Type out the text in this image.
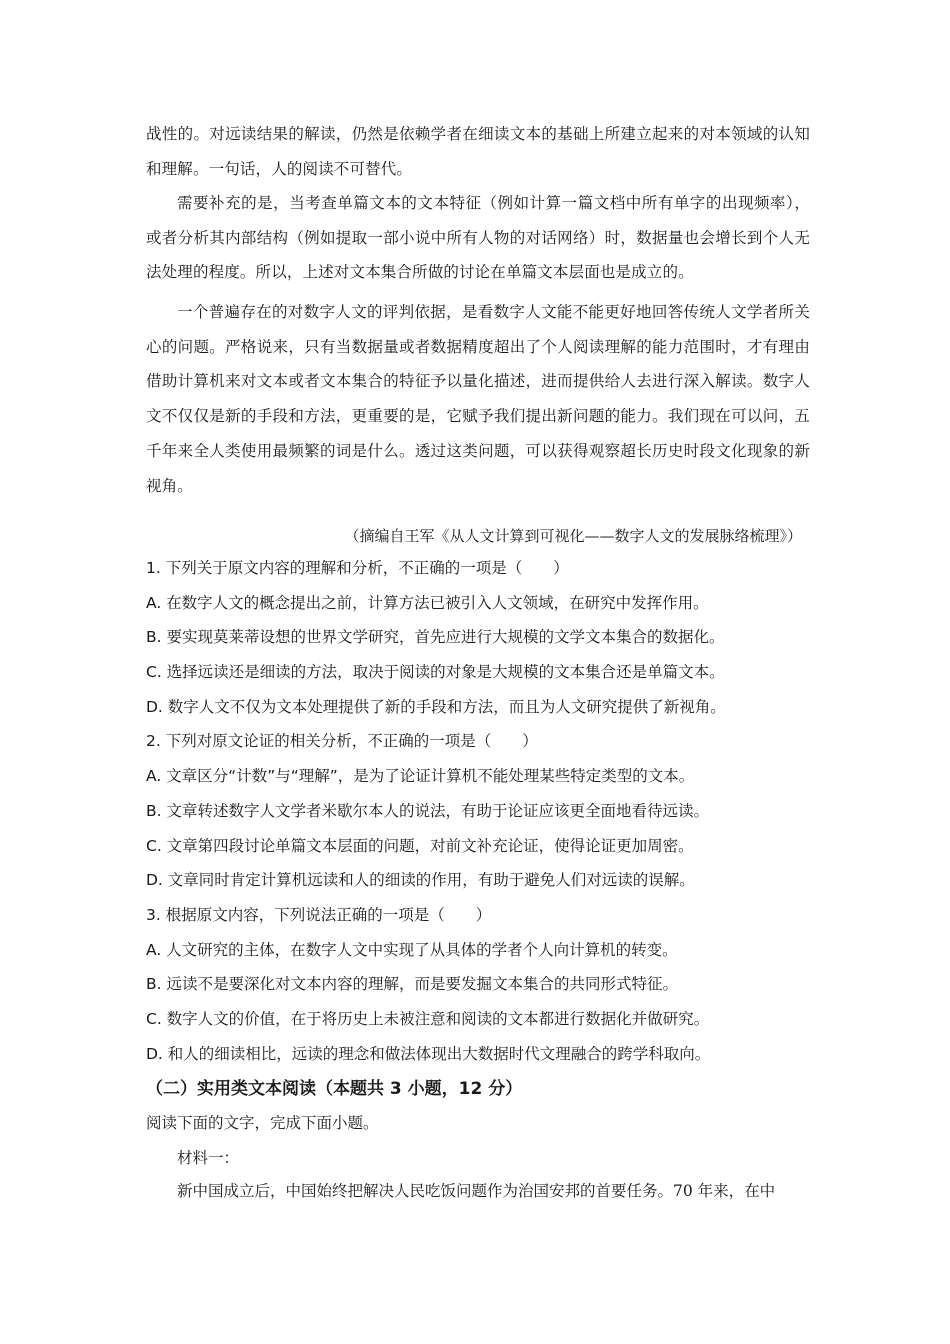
战性的。对远读结果的解读，仍然是依赖学者在细读文本的基础上所建立起来的对本领域的认知和理解。一句话，人的阅读不可替代。

需要补充的是，当考查单篇文本的文本特征（例如计算一篇文档中所有单字的出现频率），或者分析其内部结构（例如提取一部小说中所有人物的对话网络）时，数据量也会增长到个人无法处理的程度。所以，上述对文本集合所做的讨论在单篇文本层面也是成立的。

一个普遍存在的对数字人文的评判依据，是看数字人文能不能更好地回答传统人文学者所关心的问题。严格说来，只有当数据量或者数据精度超出了个人阅读理解的能力范围时，才有理由借助计算机来对文本或者文本集合的特征予以量化描述，进而提供给人去进行深入解读。数字人文不仅仅是新的手段和方法，更重要的是，它赋予我们提出新问题的能力。我们现在可以问，五千年来全人类使用最频繁的词是什么。透过这类问题，可以获得观察超长历史时段文化现象的新视角。

（摘编自王军《从人文计算到可视化——数字人文的发展脉络梳理》）
1. 下列关于原文内容的理解和分析，不正确的一项是（　　）
A. 在数字人文的概念提出之前，计算方法已被引入人文领域，在研究中发挥作用。
B. 要实现莫莱蒂设想的世界文学研究，首先应进行大规模的文学文本集合的数据化。
C. 选择远读还是细读的方法，取决于阅读的对象是大规模的文本集合还是单篇文本。
D. 数字人文不仅为文本处理提供了新的手段和方法，而且为人文研究提供了新视角。
2. 下列对原文论证的相关分析，不正确的一项是（　　）
A. 文章区分“计数”与“理解”，是为了论证计算机不能处理某些特定类型的文本。
B. 文章转述数字人文学者米歇尔本人的说法，有助于论证应该更全面地看待远读。
C. 文章第四段讨论单篇文本层面的问题，对前文补充论证，使得论证更加周密。
D. 文章同时肯定计算机远读和人的细读的作用，有助于避免人们对远读的误解。
3. 根据原文内容，下列说法正确的一项是（　　）
A. 人文研究的主体，在数字人文中实现了从具体的学者个人向计算机的转变。
B. 远读不是要深化对文本内容的理解，而是要发掘文本集合的共同形式特征。
C. 数字人文的价值，在于将历史上未被注意和阅读的文本都进行数据化并做研究。
D. 和人的细读相比，远读的理念和做法体现出大数据时代文理融合的跨学科取向。
（二）实用类文本阅读（本题共 3 小题，12 分）
阅读下面的文字，完成下面小题。
材料一：
新中国成立后，中国始终把解决人民吃饭问题作为治国安邦的首要任务。70 年来，在中
